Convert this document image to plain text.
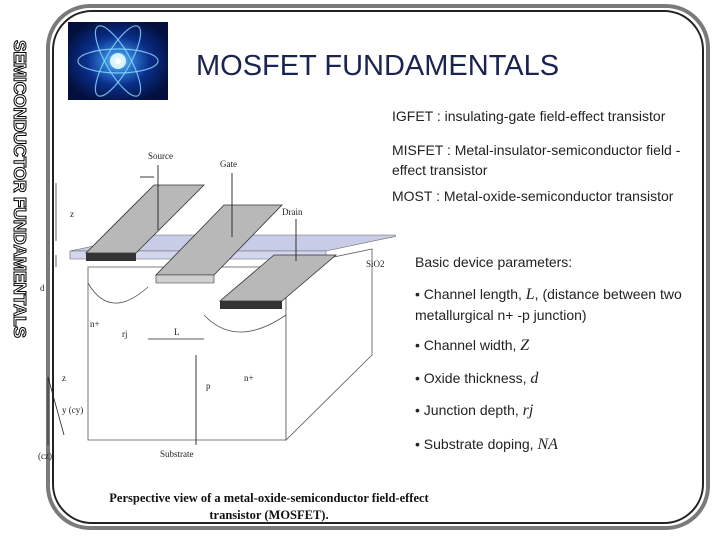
SEMICONDUCTOR FUNDAMENTALS	MOSFET FUNDAMENTALS
IGFET : insulating-gate field-effect transistor
MISFET : Metal-insulator-semiconductor field -effect transistor
MOST : Metal-oxide-semiconductor transistor
Basic device parameters:
• Channel length, L, (distance between two metallurgical n+ -p junction)
• Channel width, Z
• Oxide thickness, d
• Junction depth, rj
• Substrate doping, NA
Source
Gate
Drain
SiO2
n+
n+
p
Substrate
z
d
L
rj
y (cy)
z
(cz)
Perspective view of a metal-oxide-semiconductor field-effect transistor (MOSFET).
